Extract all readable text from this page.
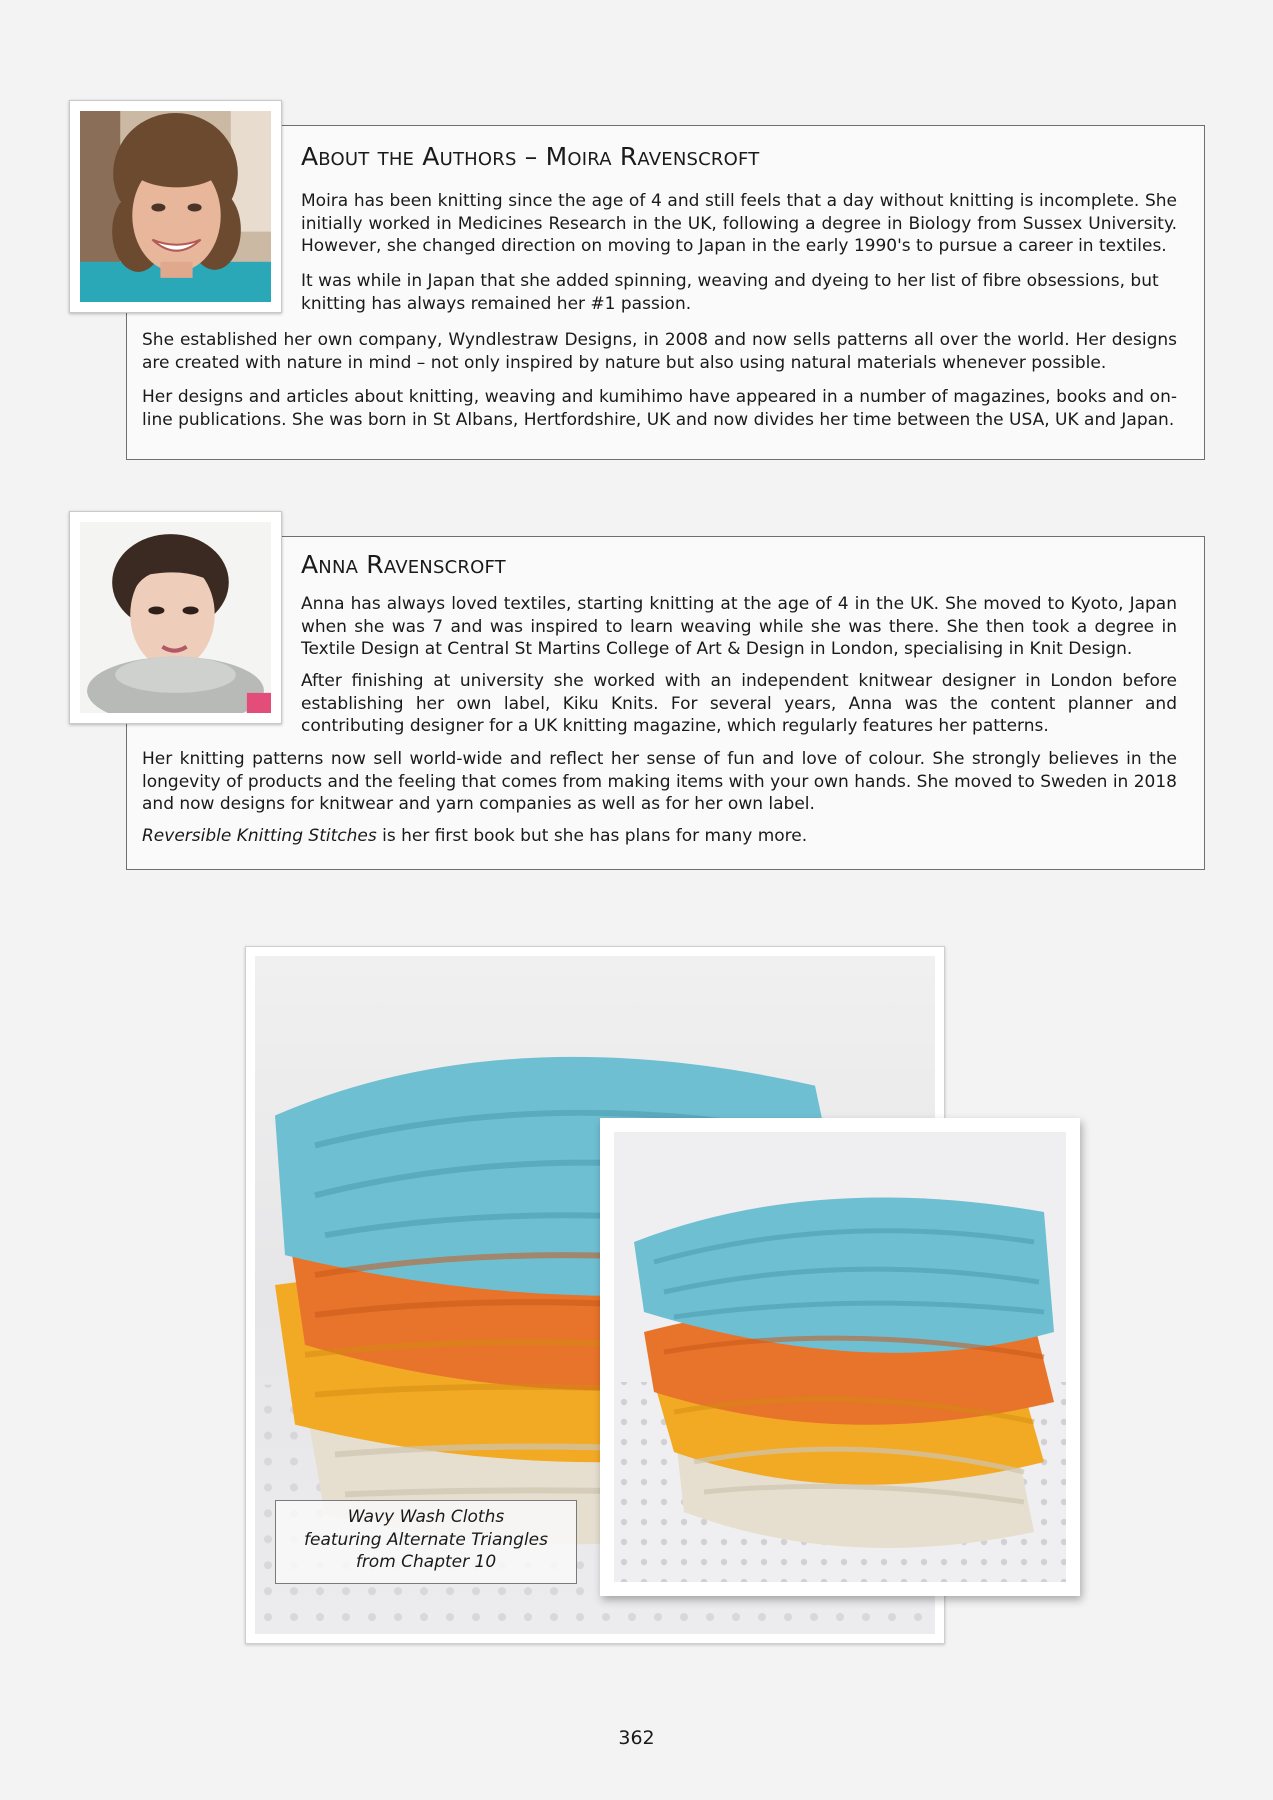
About the Authors – Moira Ravenscroft

Moira has been knitting since the age of 4 and still feels that a day without knitting is incomplete. She initially worked in Medicines Research in the UK, following a degree in Biology from Sussex University. However, she changed direction on moving to Japan in the early 1990's to pursue a career in textiles.

It was while in Japan that she added spinning, weaving and dyeing to her list of fibre obsessions, but knitting has always remained her #1 passion.

She established her own company, Wyndlestraw Designs, in 2008 and now sells patterns all over the world. Her designs are created with nature in mind – not only inspired by nature but also using natural materials whenever possible.

Her designs and articles about knitting, weaving and kumihimo have appeared in a number of magazines, books and on-line publications. She was born in St Albans, Hertfordshire, UK and now divides her time between the USA, UK and Japan.

Anna Ravenscroft

Anna has always loved textiles, starting knitting at the age of 4 in the UK. She moved to Kyoto, Japan when she was 7 and was inspired to learn weaving while she was there. She then took a degree in Textile Design at Central St Martins College of Art & Design in London, specialising in Knit Design.

After finishing at university she worked with an independent knitwear designer in London before establishing her own label, Kiku Knits. For several years, Anna was the content planner and contributing designer for a UK knitting magazine, which regularly features her patterns.

Her knitting patterns now sell world-wide and reflect her sense of fun and love of colour. She strongly believes in the longevity of products and the feeling that comes from making items with your own hands. She moved to Sweden in 2018 and now designs for knitwear and yarn companies as well as for her own label.

Reversible Knitting Stitches is her first book but she has plans for many more.

Wavy Wash Cloths
featuring Alternate Triangles
from Chapter 10
362
